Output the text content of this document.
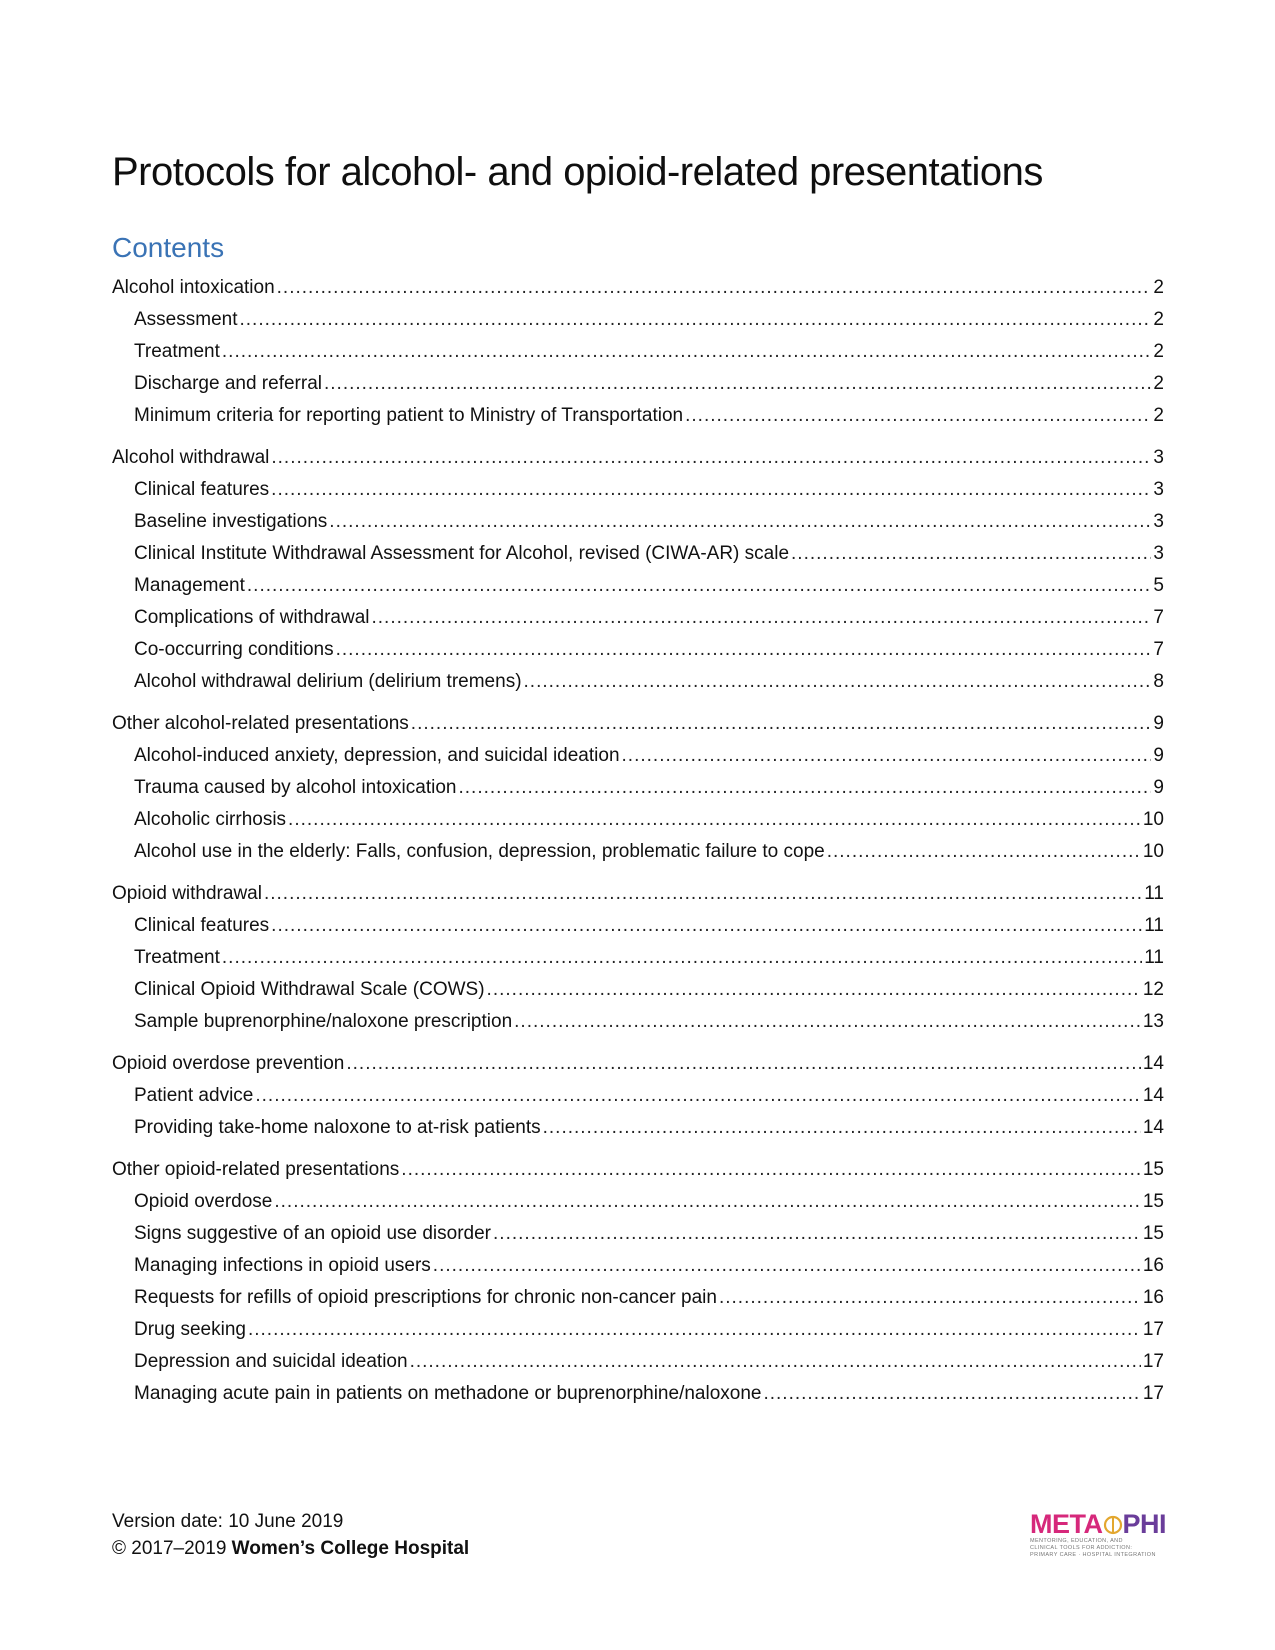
Protocols for alcohol- and opioid-related presentations
Contents
Alcohol intoxication .....	2
Assessment .....	2
Treatment .....	2
Discharge and referral .....	2
Minimum criteria for reporting patient to Ministry of Transportation .....	2
Alcohol withdrawal .....	3
Clinical features .....	3
Baseline investigations .....	3
Clinical Institute Withdrawal Assessment for Alcohol, revised (CIWA-AR) scale .....	3
Management .....	5
Complications of withdrawal .....	7
Co-occurring conditions .....	7
Alcohol withdrawal delirium (delirium tremens) .....	8
Other alcohol-related presentations .....	9
Alcohol-induced anxiety, depression, and suicidal ideation .....	9
Trauma caused by alcohol intoxication .....	9
Alcoholic cirrhosis .....	10
Alcohol use in the elderly: Falls, confusion, depression, problematic failure to cope .....	10
Opioid withdrawal .....	11
Clinical features .....	11
Treatment .....	11
Clinical Opioid Withdrawal Scale (COWS) .....	12
Sample buprenorphine/naloxone prescription .....	13
Opioid overdose prevention .....	14
Patient advice .....	14
Providing take-home naloxone to at-risk patients .....	14
Other opioid-related presentations .....	15
Opioid overdose .....	15
Signs suggestive of an opioid use disorder .....	15
Managing infections in opioid users .....	16
Requests for refills of opioid prescriptions for chronic non-cancer pain .....	16
Drug seeking .....	17
Depression and suicidal ideation .....	17
Managing acute pain in patients on methadone or buprenorphine/naloxone .....	17
Version date: 10 June 2019
© 2017–2019 Women’s College Hospital
META PHI
MENTORING, EDUCATION, AND
CLINICAL TOOLS FOR ADDICTION:
PRIMARY CARE · HOSPITAL INTEGRATION
